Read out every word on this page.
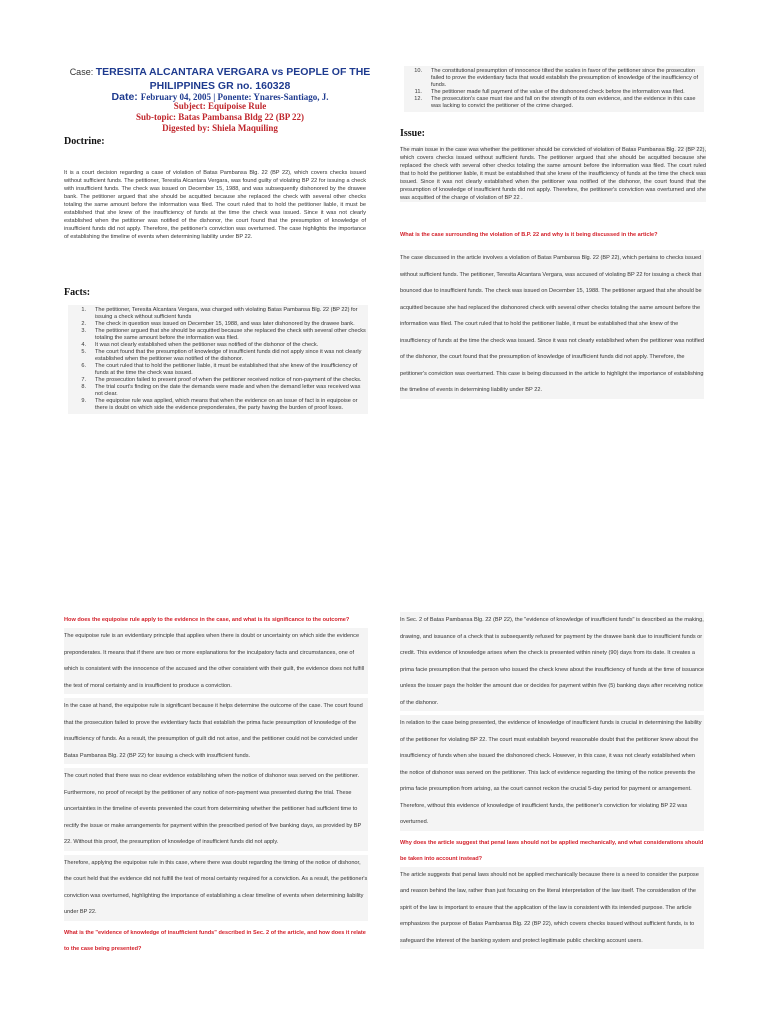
Case: TERESITA ALCANTARA VERGARA vs PEOPLE OF THE
PHILIPPINES GR no. 160328
Date: February 04, 2005 | Ponente: Ynares-Santiago, J.
Subject: Equipoise Rule
Sub-topic: Batas Pambansa Bldg 22 (BP 22)
Digested by: Shiela Maquiling
Doctrine:
It is a court decision regarding a case of violation of Batas Pambansa Blg. 22 (BP 22), which covers checks issued without sufficient funds. The petitioner, Teresita Alcantara Vergara, was found guilty of violating BP 22 for issuing a check with insufficient funds. The check was issued on December 15, 1988, and was subsequently dishonored by the drawee bank. The petitioner argued that she should be acquitted because she replaced the check with several other checks totaling the same amount before the information was filed. The court ruled that to hold the petitioner liable, it must be established that she knew of the insufficiency of funds at the time the check was issued. Since it was not clearly established when the petitioner was notified of the dishonor, the court found that the presumption of knowledge of insufficient funds did not apply. Therefore, the petitioner's conviction was overturned. The case highlights the importance of establishing the timeline of events when determining liability under BP 22.
Facts:
1.	The petitioner, Teresita Alcantara Vergara, was charged with violating Batas Pambansa Blg. 22 (BP 22) for issuing a check without sufficient funds
2.	The check in question was issued on December 15, 1988, and was later dishonored by the drawee bank.
3.	The petitioner argued that she should be acquitted because she replaced the check with several other checks totaling the same amount before the information was filed.
4.	It was not clearly established when the petitioner was notified of the dishonor of the check.
5.	The court found that the presumption of knowledge of insufficient funds did not apply since it was not clearly established when the petitioner was notified of the dishonor.
6.	The court ruled that to hold the petitioner liable, it must be established that she knew of the insufficiency of funds at the time the check was issued.
7.	The prosecution failed to present proof of when the petitioner received notice of non-payment of the checks.
8.	The trial court's finding on the date the demands were made and when the demand letter was received was not clear.
9.	The equipoise rule was applied, which means that when the evidence on an issue of fact is in equipoise or there is doubt on which side the evidence preponderates, the party having the burden of proof loses.
10.	The constitutional presumption of innocence tilted the scales in favor of the petitioner since the prosecution failed to prove the evidentiary facts that would establish the presumption of knowledge of the insufficiency of funds.
11.	The petitioner made full payment of the value of the dishonored check before the information was filed.
12.	The prosecution's case must rise and fall on the strength of its own evidence, and the evidence in this case was lacking to convict the petitioner of the crime charged.
Issue:
The main issue in the case was whether the petitioner should be convicted of violation of Batas Pambansa Blg. 22 (BP 22), which covers checks issued without sufficient funds. The petitioner argued that she should be acquitted because she replaced the check with several other checks totaling the same amount before the information was filed. The court ruled that to hold the petitioner liable, it must be established that she knew of the insufficiency of funds at the time the check was issued. Since it was not clearly established when the petitioner was notified of the dishonor, the court found that the presumption of knowledge of insufficient funds did not apply. Therefore, the petitioner's conviction was overturned and she was acquitted of the charge of violation of BP 22 .
What is the case surrounding the violation of B.P. 22 and why is it being discussed in the article?

The case discussed in the article involves a violation of Batas Pambansa Blg. 22 (BP 22), which pertains to checks issued without sufficient funds. The petitioner, Teresita Alcantara Vergara, was accused of violating BP 22 for issuing a check that bounced due to insufficient funds. The check was issued on December 15, 1988. The petitioner argued that she should be acquitted because she had replaced the dishonored check with several other checks totaling the same amount before the information was filed. The court ruled that to hold the petitioner liable, it must be established that she knew of the insufficiency of funds at the time the check was issued. Since it was not clearly established when the petitioner was notified of the dishonor, the court found that the presumption of knowledge of insufficient funds did not apply. Therefore, the petitioner's conviction was overturned. This case is being discussed in the article to highlight the importance of establishing the timeline of events in determining liability under BP 22.

How does the equipoise rule apply to the evidence in the case, and what is its significance to the outcome?

The equipoise rule is an evidentiary principle that applies when there is doubt or uncertainty on which side the evidence preponderates. It means that if there are two or more explanations for the inculpatory facts and circumstances, one of which is consistent with the innocence of the accused and the other consistent with their guilt, the evidence does not fulfill the test of moral certainty and is insufficient to produce a conviction.

In the case at hand, the equipoise rule is significant because it helps determine the outcome of the case. The court found that the prosecution failed to prove the evidentiary facts that establish the prima facie presumption of knowledge of the insufficiency of funds. As a result, the presumption of guilt did not arise, and the petitioner could not be convicted under Batas Pambansa Blg. 22 (BP 22) for issuing a check with insufficient funds.

The court noted that there was no clear evidence establishing when the notice of dishonor was served on the petitioner. Furthermore, no proof of receipt by the petitioner of any notice of non-payment was presented during the trial. These uncertainties in the timeline of events prevented the court from determining whether the petitioner had sufficient time to rectify the issue or make arrangements for payment within the prescribed period of five banking days, as provided by BP 22. Without this proof, the presumption of knowledge of insufficient funds did not apply.

Therefore, applying the equipoise rule in this case, where there was doubt regarding the timing of the notice of dishonor, the court held that the evidence did not fulfill the test of moral certainty required for a conviction. As a result, the petitioner's conviction was overturned, highlighting the importance of establishing a clear timeline of events when determining liability under BP 22.

What is the "evidence of knowledge of insufficient funds" described in Sec. 2 of the article, and how does it relate to the case being presented?

In Sec. 2 of Batas Pambansa Blg. 22 (BP 22), the "evidence of knowledge of insufficient funds" is described as the making, drawing, and issuance of a check that is subsequently refused for payment by the drawee bank due to insufficient funds or credit. This evidence of knowledge arises when the check is presented within ninety (90) days from its date. It creates a prima facie presumption that the person who issued the check knew about the insufficiency of funds at the time of issuance unless the issuer pays the holder the amount due or decides for payment within five (5) banking days after receiving notice of the dishonor.

In relation to the case being presented, the evidence of knowledge of insufficient funds is crucial in determining the liability of the petitioner for violating BP 22. The court must establish beyond reasonable doubt that the petitioner knew about the insufficiency of funds when she issued the dishonored check. However, in this case, it was not clearly established when the notice of dishonor was served on the petitioner. This lack of evidence regarding the timing of the notice prevents the prima facie presumption from arising, as the court cannot reckon the crucial 5-day period for payment or arrangement. Therefore, without this evidence of knowledge of insufficient funds, the petitioner's conviction for violating BP 22 was overturned.

Why does the article suggest that penal laws should not be applied mechanically, and what considerations should be taken into account instead?

The article suggests that penal laws should not be applied mechanically because there is a need to consider the purpose and reason behind the law, rather than just focusing on the literal interpretation of the law itself. The consideration of the spirit of the law is important to ensure that the application of the law is consistent with its intended purpose. The article emphasizes the purpose of Batas Pambansa Blg. 22 (BP 22), which covers checks issued without sufficient funds, is to safeguard the interest of the banking system and protect legitimate public checking account users.
